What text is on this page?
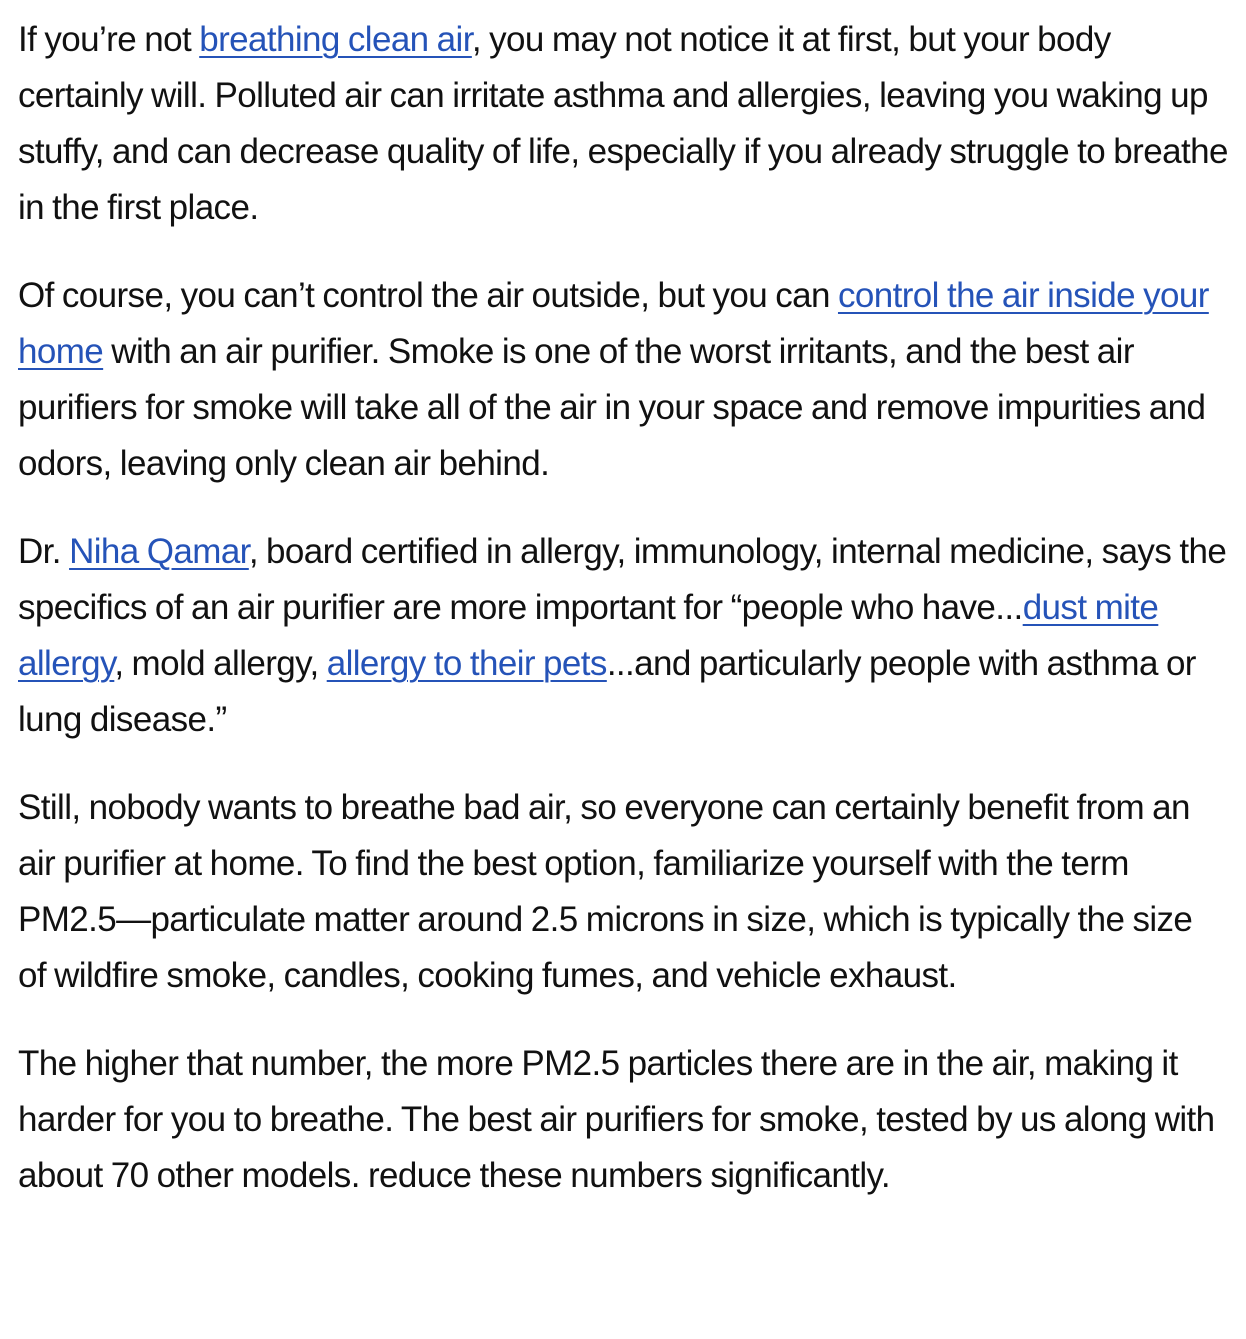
If you’re not breathing clean air, you may not notice it at first, but your body certainly will. Polluted air can irritate asthma and allergies, leaving you waking up stuffy, and can decrease quality of life, especially if you already struggle to breathe in the first place.

Of course, you can’t control the air outside, but you can control the air inside your home with an air purifier. Smoke is one of the worst irritants, and the best air purifiers for smoke will take all of the air in your space and remove impurities and odors, leaving only clean air behind.

Dr. Niha Qamar, board certified in allergy, immunology, internal medicine, says the specifics of an air purifier are more important for “people who have...dust mite allergy, mold allergy, allergy to their pets...and particularly people with asthma or lung disease.”

Still, nobody wants to breathe bad air, so everyone can certainly benefit from an air purifier at home. To find the best option, familiarize yourself with the term PM2.5—particulate matter around 2.5 microns in size, which is typically the size of wildfire smoke, candles, cooking fumes, and vehicle exhaust.

The higher that number, the more PM2.5 particles there are in the air, making it harder for you to breathe. The best air purifiers for smoke, tested by us along with about 70 other models. reduce these numbers significantly.
